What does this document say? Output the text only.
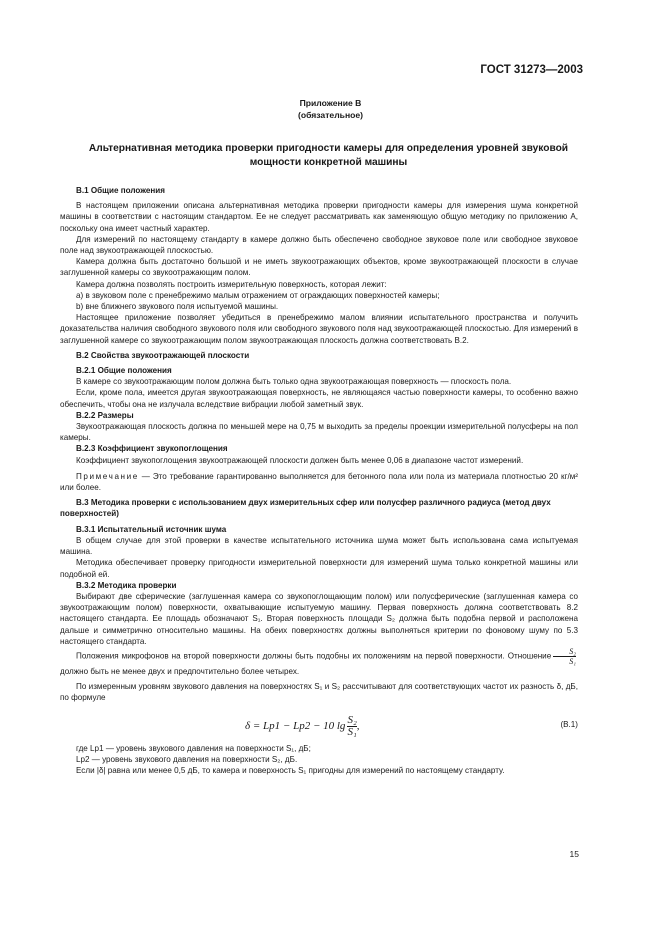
ГОСТ 31273—2003
Приложение В
(обязательное)
Альтернативная методика проверки пригодности камеры для определения уровней звуковой мощности конкретной машины

В.1 Общие положения

В настоящем приложении описана альтернативная методика проверки пригодности камеры для измерения шума конкретной машины в соответствии с настоящим стандартом. Ее не следует рассматривать как заменяющую общую методику по приложению А, поскольку она имеет частный характер.

Для измерений по настоящему стандарту в камере должно быть обеспечено свободное звуковое поле или свободное звуковое поле над звукоотражающей плоскостью.

Камера должна быть достаточно большой и не иметь звукоотражающих объектов, кроме звукоотражающей плоскости в случае заглушенной камеры со звукоотражающим полом.

Камера должна позволять построить измерительную поверхность, которая лежит:

а) в звуковом поле с пренебрежимо малым отражением от ограждающих поверхностей камеры;

b) вне ближнего звукового поля испытуемой машины.

Настоящее приложение позволяет убедиться в пренебрежимо малом влиянии испытательного пространства и получить доказательства наличия свободного звукового поля или свободного звукового поля над звукоотражающей плоскостью. Для измерений в заглушенной камере со звукоотражающим полом звукоотражающая плоскость должна соответствовать В.2.

В.2 Свойства звукоотражающей плоскости

В.2.1 Общие положения

В камере со звукоотражающим полом должна быть только одна звукоотражающая поверхность — плоскость пола.

Если, кроме пола, имеется другая звукоотражающая поверхность, не являющаяся частью поверхности камеры, то особенно важно обеспечить, чтобы она не излучала вследствие вибрации любой заметный звук.

В.2.2 Размеры

Звукоотражающая плоскость должна по меньшей мере на 0,75 м выходить за пределы проекции измерительной полусферы на пол камеры.

В.2.3 Коэффициент звукопоглощения

Коэффициент звукопоглощения звукоотражающей плоскости должен быть менее 0,06 в диапазоне частот измерений.

Примечание — Это требование гарантированно выполняется для бетонного пола или пола из материала плотностью 20 кг/м² или более.

В.3 Методика проверки с использованием двух измерительных сфер или полусфер различного радиуса (метод двух поверхностей)

В.3.1 Испытательный источник шума

В общем случае для этой проверки в качестве испытательного источника шума может быть использована сама испытуемая машина.

Методика обеспечивает проверку пригодности измерительной поверхности для измерений шума только конкретной машины или подобной ей.

В.3.2 Методика проверки

Выбирают две сферические (заглушенная камера со звукопоглощающим полом) или полусферические (заглушенная камера со звукоотражающим полом) поверхности, охватывающие испытуемую машину. Первая поверхность должна соответствовать 8.2 настоящего стандарта. Ее площадь обозначают S₁. Вторая поверхность площади S₂ должна быть подобна первой и расположена дальше и симметрично относительно машины. На обеих поверхностях должны выполняться критерии по фоновому шуму по 5.3 настоящего стандарта.

Положения микрофонов на второй поверхности должны быть подобны их положениям на первой поверхности. Отношение $\frac{\text{S₂}}{\text{S₁}}$
должно быть не менее двух и предпочтительно более четырех.

По измеренным уровням звукового давления на поверхностях S₁ и S₂ рассчитывают для соответствующих частот их разность δ, дБ, по формуле

δ = Lp1 − Lp2 − 10 $\lg \frac{\text{S₂}}{\text{S₁}}$ ,	(В.1)

где Lp1 — уровень звукового давления на поверхности S₁, дБ;

Lp2 — уровень звукового давления на поверхности S₂, дБ.

Если |δ| равна или менее 0,5 дБ, то камера и поверхность S₁ пригодны для измерений по настоящему стандарту.

15
